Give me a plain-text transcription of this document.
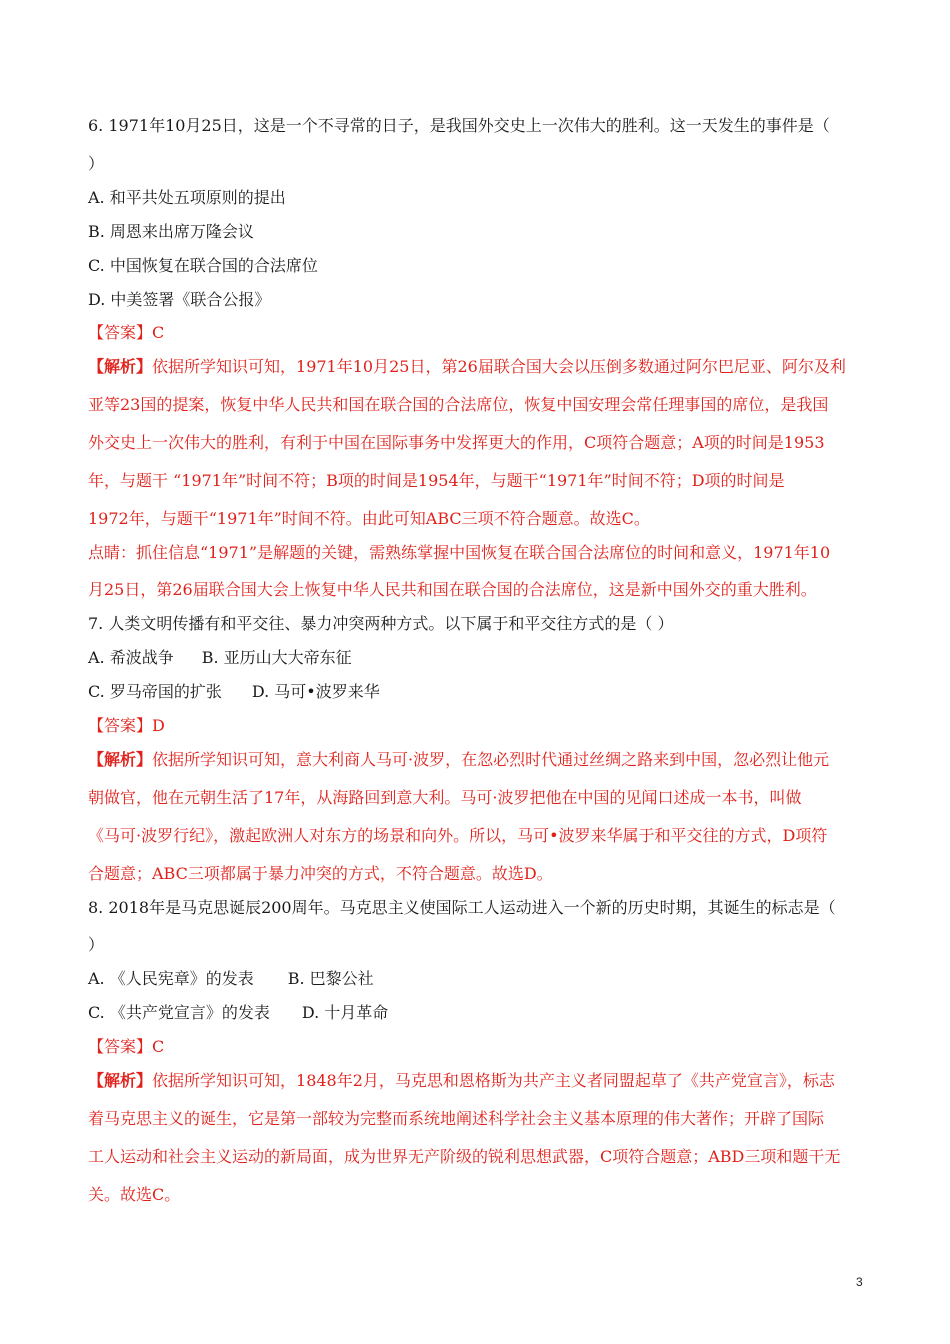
6. 1971年10月25日，这是一个不寻常的日子，是我国外交史上一次伟大的胜利。这一天发生的事件是（
）
A. 和平共处五项原则的提出
B. 周恩来出席万隆会议
C. 中国恢复在联合国的合法席位
D. 中美签署《联合公报》
【答案】C
【解析】依据所学知识可知，1971年10月25日，第26届联合国大会以压倒多数通过阿尔巴尼亚、阿尔及利
亚等23国的提案，恢复中华人民共和国在联合国的合法席位，恢复中国安理会常任理事国的席位，是我国
外交史上一次伟大的胜利，有利于中国在国际事务中发挥更大的作用，C项符合题意；A项的时间是1953
年，与题干 “1971年”时间不符；B项的时间是1954年，与题干“1971年”时间不符；D项的时间是
1972年，与题干“1971年”时间不符。由此可知ABC三项不符合题意。故选C。
点睛：抓住信息“1971”是解题的关键，需熟练掌握中国恢复在联合国合法席位的时间和意义，1971年10
月25日，第26届联合国大会上恢复中华人民共和国在联合国的合法席位，这是新中国外交的重大胜利。
7. 人类文明传播有和平交往、暴力冲突两种方式。以下属于和平交往方式的是（ ）
A. 希波战争 B. 亚历山大大帝东征
C. 罗马帝国的扩张 D. 马可•波罗来华
【答案】D
【解析】依据所学知识可知，意大利商人马可·波罗，在忽必烈时代通过丝绸之路来到中国，忽必烈让他元
朝做官，他在元朝生活了17年，从海路回到意大利。马可·波罗把他在中国的见闻口述成一本书，叫做
《马可·波罗行纪》，激起欧洲人对东方的场景和向外。所以，马可•波罗来华属于和平交往的方式，D项符
合题意；ABC三项都属于暴力冲突的方式，不符合题意。故选D。
8. 2018年是马克思诞辰200周年。马克思主义使国际工人运动进入一个新的历史时期，其诞生的标志是（
）
A. 《人民宪章》的发表 B. 巴黎公社
C. 《共产党宣言》的发表 D. 十月革命
【答案】C
【解析】依据所学知识可知，1848年2月，马克思和恩格斯为共产主义者同盟起草了《共产党宣言》，标志
着马克思主义的诞生，它是第一部较为完整而系统地阐述科学社会主义基本原理的伟大著作；开辟了国际
工人运动和社会主义运动的新局面，成为世界无产阶级的锐利思想武器，C项符合题意；ABD三项和题干无
关。故选C。
3
